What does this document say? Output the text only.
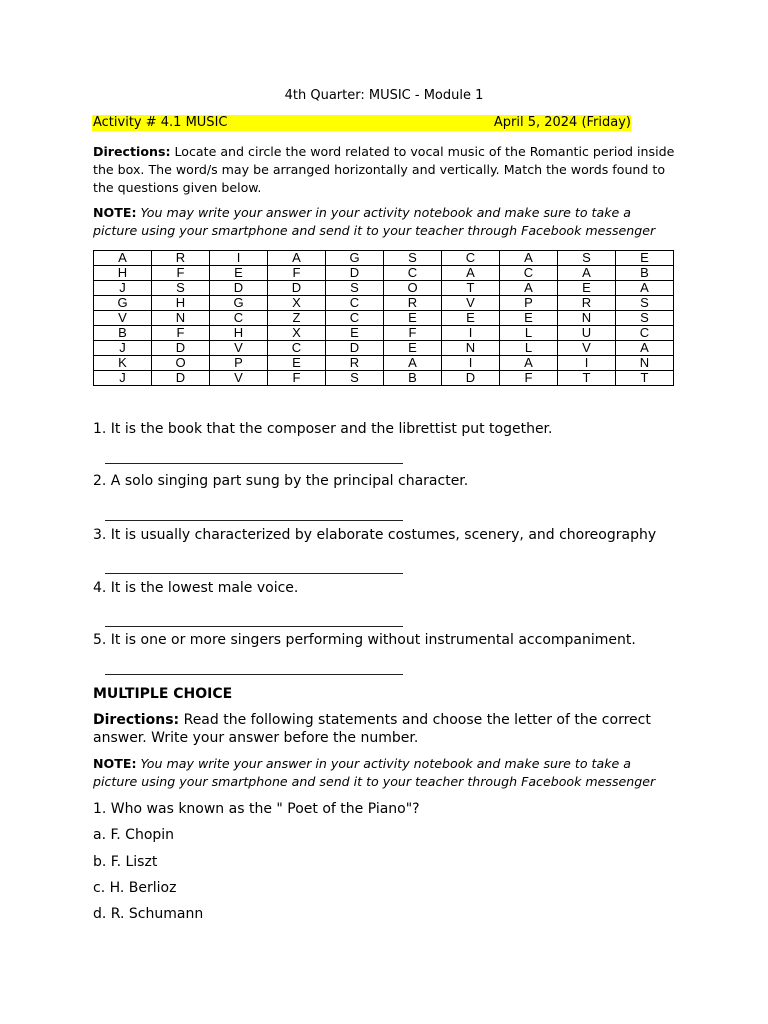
4th Quarter: MUSIC - Module 1
Activity # 4.1 MUSIC	April 5, 2024 (Friday)
Directions: Locate and circle the word related to vocal music of the Romantic period inside the box. The word/s may be arranged horizontally and vertically. Match the words found to the questions given below.
NOTE: You may write your answer in your activity notebook and make sure to take a picture using your smartphone and send it to your teacher through Facebook messenger
A	R	I	A	G	S	C	A	S	E
H	F	E	F	D	C	A	C	A	B
J	S	D	D	S	O	T	A	E	A
G	H	G	X	C	R	V	P	R	S
V	N	C	Z	C	E	E	E	N	S
B	F	H	X	E	F	I	L	U	C
J	D	V	C	D	E	N	L	V	A
K	O	P	E	R	A	I	A	I	N
J	D	V	F	S	B	D	F	T	T
1. It is the book that the composer and the librettist put together.
2. A solo singing part sung by the principal character.
3. It is usually characterized by elaborate costumes, scenery, and choreography
4. It is the lowest male voice.
5. It is one or more singers performing without instrumental accompaniment.
MULTIPLE CHOICE
Directions: Read the following statements and choose the letter of the correct answer. Write your answer before the number.
NOTE: You may write your answer in your activity notebook and make sure to take a picture using your smartphone and send it to your teacher through Facebook messenger
1. Who was known as the " Poet of the Piano"?
a. F. Chopin
b. F. Liszt
c. H. Berlioz
d. R. Schumann
